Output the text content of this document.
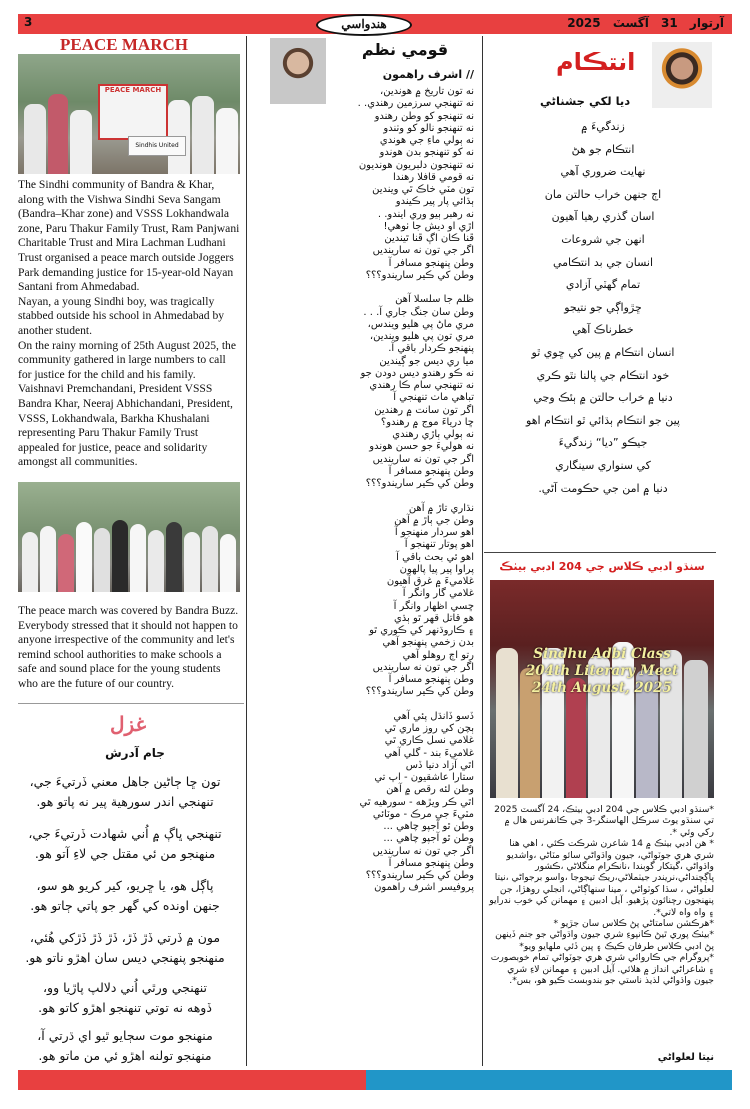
3	هندواسي	آرتوار 31 آگسٽ 2025
PEACE MARCH
PEACE MARCH
Sindhis United

The Sindhi community of Bandra & Khar, along with the Vishwa Sindhi Seva Sangam (Bandra–Khar zone) and VSSS Lokhandwala zone, Paru Thakur Family Trust, Ram Panjwani Charitable Trust and Mira Lachman Ludhani Trust organised a peace march outside Joggers Park demanding justice for 15-year-old Nayan Santani from Ahmedabad.

Nayan, a young Sindhi boy, was tragically stabbed outside his school in Ahmedabad by another student.

On the rainy morning of 25th August 2025, the community gathered in large numbers to call for justice for the child and his family.

Vaishnavi Premchandani, President VSSS Bandra Khar, Neeraj Abhichandani, President, VSSS, Lokhandwala, Barkha Khushalani representing Paru Thakur Family Trust appealed for justice, peace and solidarity amongst all communities.

The peace march was covered by Bandra Buzz. Everybody stressed that it should not happen to anyone irrespective of the community and let's remind school authorities to make schools a safe and sound place for the young students who are the future of our country.
غزل
جام آدرش
تون ڇا ڄاڻين جاهل معني ڏرتيءَ جي،
تنهنجي اندر سورهية پير نه پاتو هو.
تنهنجي ڀاڳ ۾ اُني شهادت ڏرتيءَ جي،
منهنجو من ئي مقتل جي لاءِ آتو هو.
پاڳل هو، يا ڇريو، کير کريو هو سو،
جنهن اونده کي گهر جو پاتي ڄاتو هو.
مون ۾ ڏرتي ڏڙ ڏڙ، ڏڙ ڏڙ ڏڙکي هُئي،
منهنجو پنهنجي ديس سان اهڙو ناتو هو.
تنهنجي ورٿي اُني دلالپ پاڙيا وو،
ڏوهه نه توتي تنهنجو اهڙو کاتو هو.
منهنجو موت سڄايو ٿيو اي ڌرتي آ،
منهنجو تولنه اهڙو ئي من ماتو هو.
قومي نظم
// اشرف راهمون
نه تون تاريخ ۾ هوندين،
نه تنهنجي سرزمين رهندي. .
نه تنهنجو کو وطن رهندو
نه تنهنجو نالو کو وٺندو
نه ٻولي ماءِ جي هوندي
نه کو تنهنجو بدن هوندو
نه تنهنجون دلبريون هونديون
نه قومي قافلا رهندا
تون مٽي خاڪ ٿي ويندين
ٻڌائي پار پير ڪيندو
نه رهبر ٻيو وري ايندو. .
اڙي او ديش جا ٺوهي!
ڦنا ڪان اڳ ڦنا ٿيندين
اگر جي تون نه سارينديں
وطن پنهنجو مسافر آ
وطن کي ڪير ساريندو؟؟؟

ظلم جا سلسلا آهن
وطن سان جنگ جاري آ. . .
مري ماڻ پي هليو ويندس،
مري تون پي هليو ويندين،
پنهنجو ڪردار باقي آ.
ميا ري ديس جو ڳيندين
نه ڪو رهندو ديس دودن جو
نه تنهنجي سام ڪا رهندي
تباهي ماٺ تنهنجي آ
اگر تون سانت ۾ رهندين
ڇا درياءَ موج ۾ رهندو؟
نه ٻولي ٻاڙي رهندي
نه هوليءَ جو حسن هوندو
اگر جي تون نه سارينديں
وطن پنهنجو مسافر آ
وطن کي ڪير ساريندو؟؟؟

نڌاري تاڙ ۾ آهن
وطن جي ٻاڙ ۾ آهن
اهو سردار منهنجو آ
اهو پوتار تنهنجو آ
اهو ئي بحث باقي آ
پراوا پير پيا پالهون
غلاميءَ ۾ غرق آهيون
غلامي گار وانگر آ
ڇسي اظهار وانگر آ
هو قاتل قهر ٿو ٻڌي
۽ ڪاروڌنهر کي ڪوري ٿو
بدن زخمي پنهنجو آهي
رتو اڄ روهلو آهي
اگر جي تون نه سارينديں
وطن پنهنجو مسافر آ
وطن کي ڪير ساريندو؟؟؟

ڏسو ڏانڌل پئي آهي
ٻچن کي روز ماري ٿي
غلامي نسل ڪاري ٿي
غلاميءَ بند - گلي آهي
اٿي آزاد دنيا ڏس
ستارا عاشقيون - اپ تي
وطن لئه رقص ۾ آهن
اٿي ڪر ويڙهه - سورهيه ٿي
مٽيءَ جي مرڪ - موٽائي
وطن ٿو آجپو چاهي ...
وطن ٿو آجپو چاهي ...
اگر جي تون نه سارينديں
وطن پنهنجو مسافر آ
وطن کي ڪير ساريندو؟؟؟
پروفيسر اشرف راهمون
انتڪام
ديا لکي جشناڻي
زندگيءَ ۾
انتڪام جو هڻ
نهايت ضروري آهي
اڄ جنهن خراب حالتن مان
اسان گذري رهيا آهيون
انهن جي شروعات
انسان جي بد انتڪامي
تمام گهٽي آزادي
ڇڙواڳي جو نتيجو
خطرناڪ آهي
انسان انتڪام ۾ پين کي ڇوي ٿو
خود انتڪام جي پالنا نٿو ڪري
دنيا ۾ خراب حالتن ۾ ٻئڪ وڃي
پين جو انتڪام ٻڌائي ٿو انتڪام اهو
جيڪو ”ديا“ زندگيءَ
کي سنواري سينگاري
دنيا ۾ امن جي حڪومت آڻي.
سنڌو ادبي ڪلاس جي 204 ادبي بيٺڪ
Sindhu Adbi Class
204th Literary Meet
24th August, 2025

*سنڌو ادبي ڪلاس جي 204 ادبي بيٺڪ، 24 آگسٽ 2025 تي سنڌو يوٿ سرڪل الهاسنگر-3 جي ڪانفرنس هال ۾ رکي وئي *.

* هن ادبي بيٺڪ ۾ 14 شاعرن شرڪت ڪئي ، اهي هنا شري هري جوٽواڻي، جيون واڌواڻي سائو مٽاڻي ،واشديو واڌواڻي ،گيتکار گوبندا ،نانڪرام منگلاڻي ،ڪشور ڀاڳچنداڻي،نريندر جيٺملاڻي،ريڪ تيجوجا ،واسو برجواڻي ،نيتا لعلواڻي ، سڌا کوٽواڻي ، مينا سنهاڳاڻي، انجلي روهڙا، جن پنهنجون رچنائون پڙهيو. آيل ادبين ۽ مهمانن کي خوب ندرايو ۽ واه واه لاتي*.

*هرڪشن سامتاڻي پڻ ڪلاس سان جڙيو *

*بيٺڪ پوري ٿيڻ ڪانپوءِ شري جيون واڌواڻي جو جنم ڏينهن پڻ ادبي ڪلاس طرفان ڪيڪ ۽ پين ڏئي ملهايو ويو*

*پروگرام جي ڪاروائي شري هري جوٽواڻي تمام خوبصورت ۽ شاعراڻي انداز ۾ هلائي. آيل ادبين ۽ مهمانن لاءِ شري جيون واڌواڻي لذيذ ناستي جو بندوبست ڪيو هو، بس*.

نيتا لعلواڻي
